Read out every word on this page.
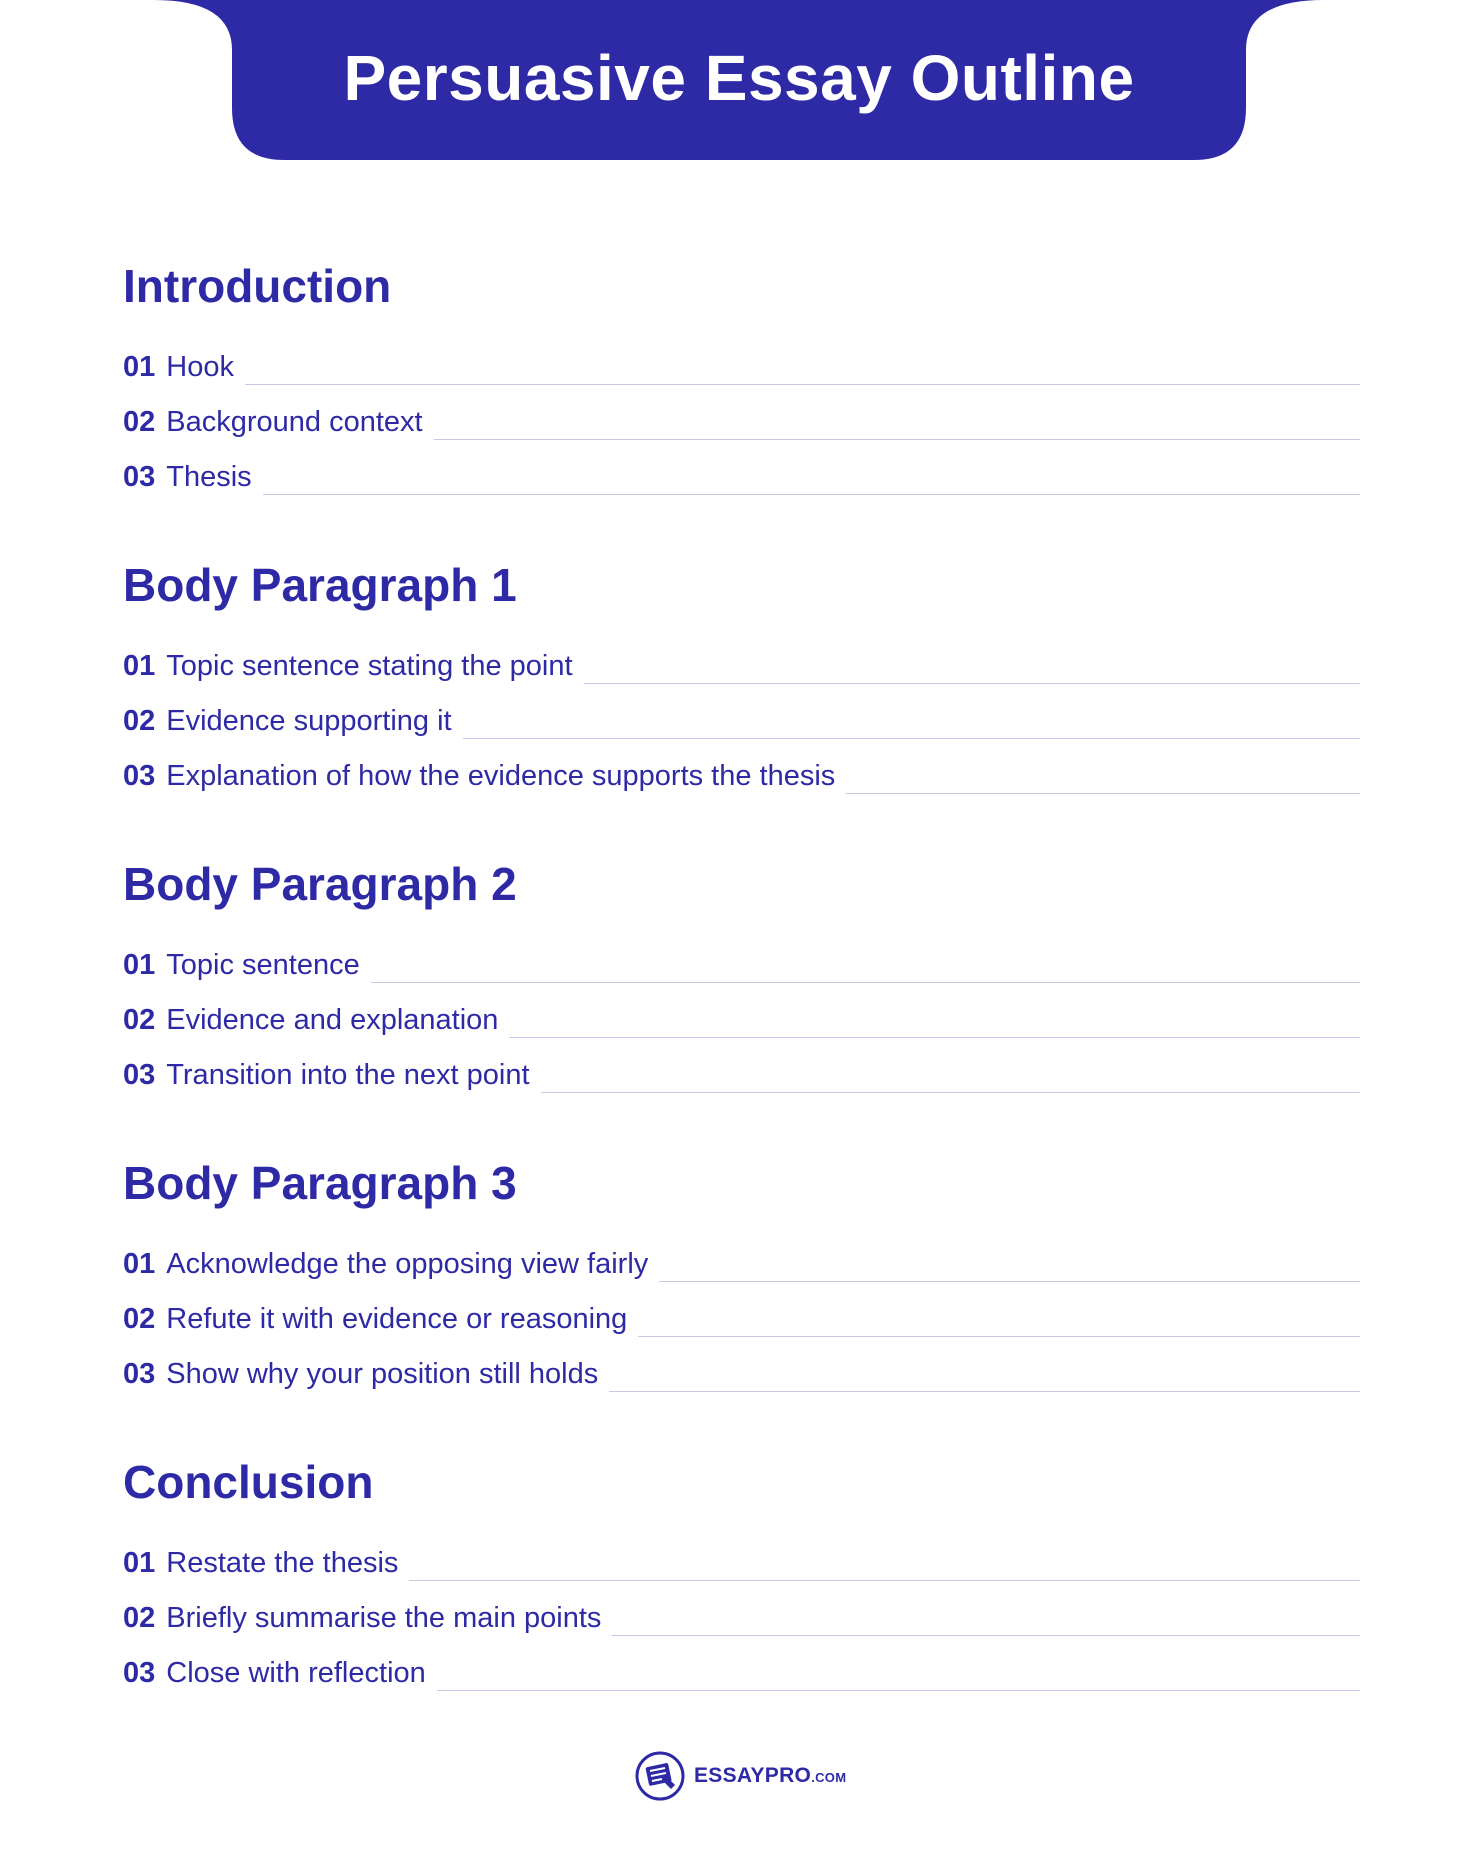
Persuasive Essay Outline
Introduction
01 Hook
02 Background context
03 Thesis
Body Paragraph 1
01 Topic sentence stating the point
02 Evidence supporting it
03 Explanation of how the evidence supports the thesis
Body Paragraph 2
01 Topic sentence
02 Evidence and explanation
03 Transition into the next point
Body Paragraph 3
01 Acknowledge the opposing view fairly
02 Refute it with evidence or reasoning
03 Show why your position still holds
Conclusion
01 Restate the thesis
02 Briefly summarise the main points
03 Close with reflection
ESSAYPRO.COM
